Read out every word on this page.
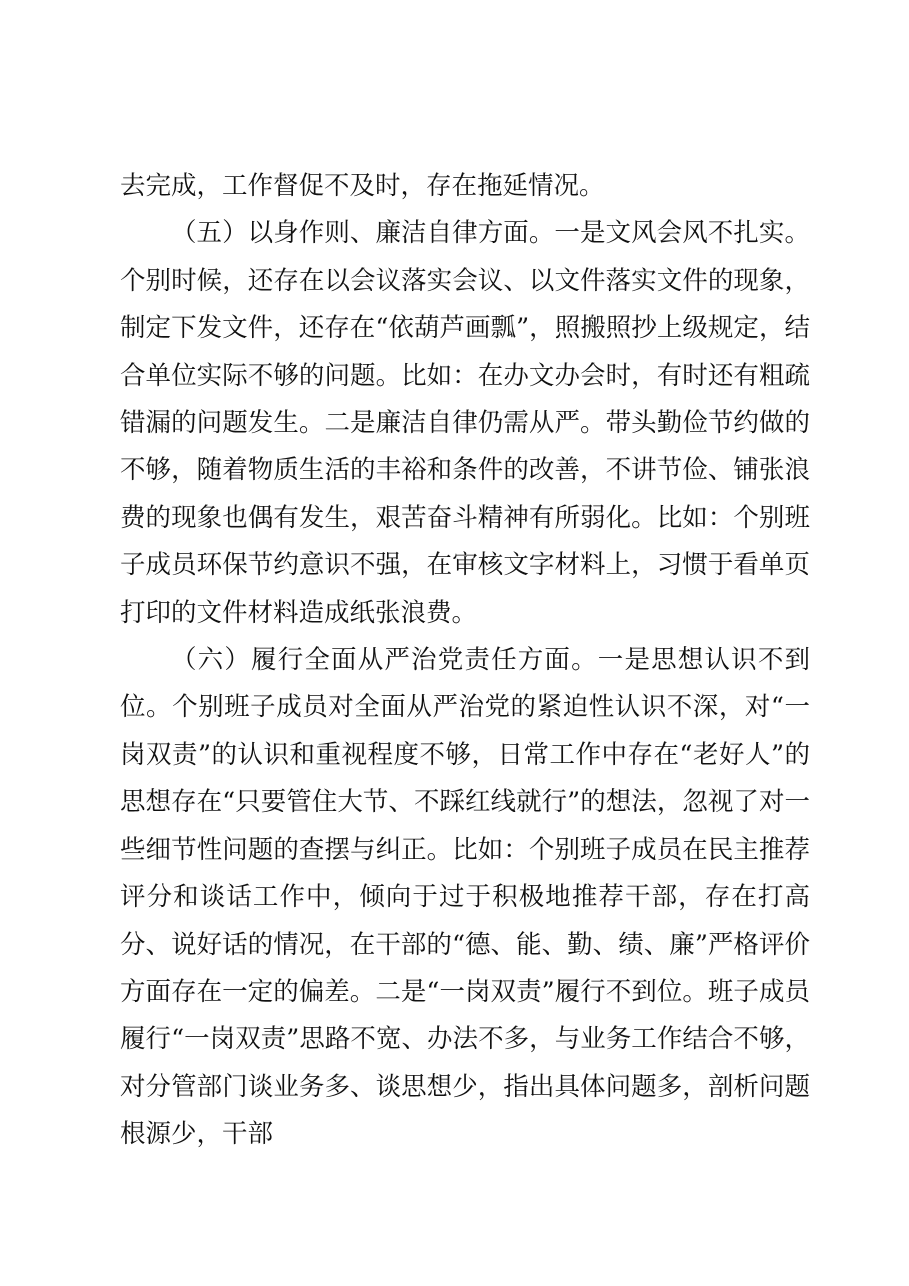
去完成，工作督促不及时，存在拖延情况。

（五）以身作则、廉洁自律方面。一是文风会风不扎实。个别时候，还存在以会议落实会议、以文件落实文件的现象，制定下发文件，还存在“依葫芦画瓢”，照搬照抄上级规定，结合单位实际不够的问题。比如：在办文办会时，有时还有粗疏错漏的问题发生。二是廉洁自律仍需从严。带头勤俭节约做的不够，随着物质生活的丰裕和条件的改善，不讲节俭、铺张浪费的现象也偶有发生，艰苦奋斗精神有所弱化。比如：个别班子成员环保节约意识不强，在审核文字材料上，习惯于看单页打印的文件材料造成纸张浪费。

（六）履行全面从严治党责任方面。一是思想认识不到位。个别班子成员对全面从严治党的紧迫性认识不深，对“一岗双责”的认识和重视程度不够，日常工作中存在“老好人”的思想存在“只要管住大节、不踩红线就行”的想法，忽视了对一些细节性问题的查摆与纠正。比如：个别班子成员在民主推荐评分和谈话工作中，倾向于过于积极地推荐干部，存在打高分、说好话的情况，在干部的“德、能、勤、绩、廉”严格评价方面存在一定的偏差。二是“一岗双责”履行不到位。班子成员履行“一岗双责”思路不宽、办法不多，与业务工作结合不够，对分管部门谈业务多、谈思想少，指出具体问题多，剖析问题根源少，干部
